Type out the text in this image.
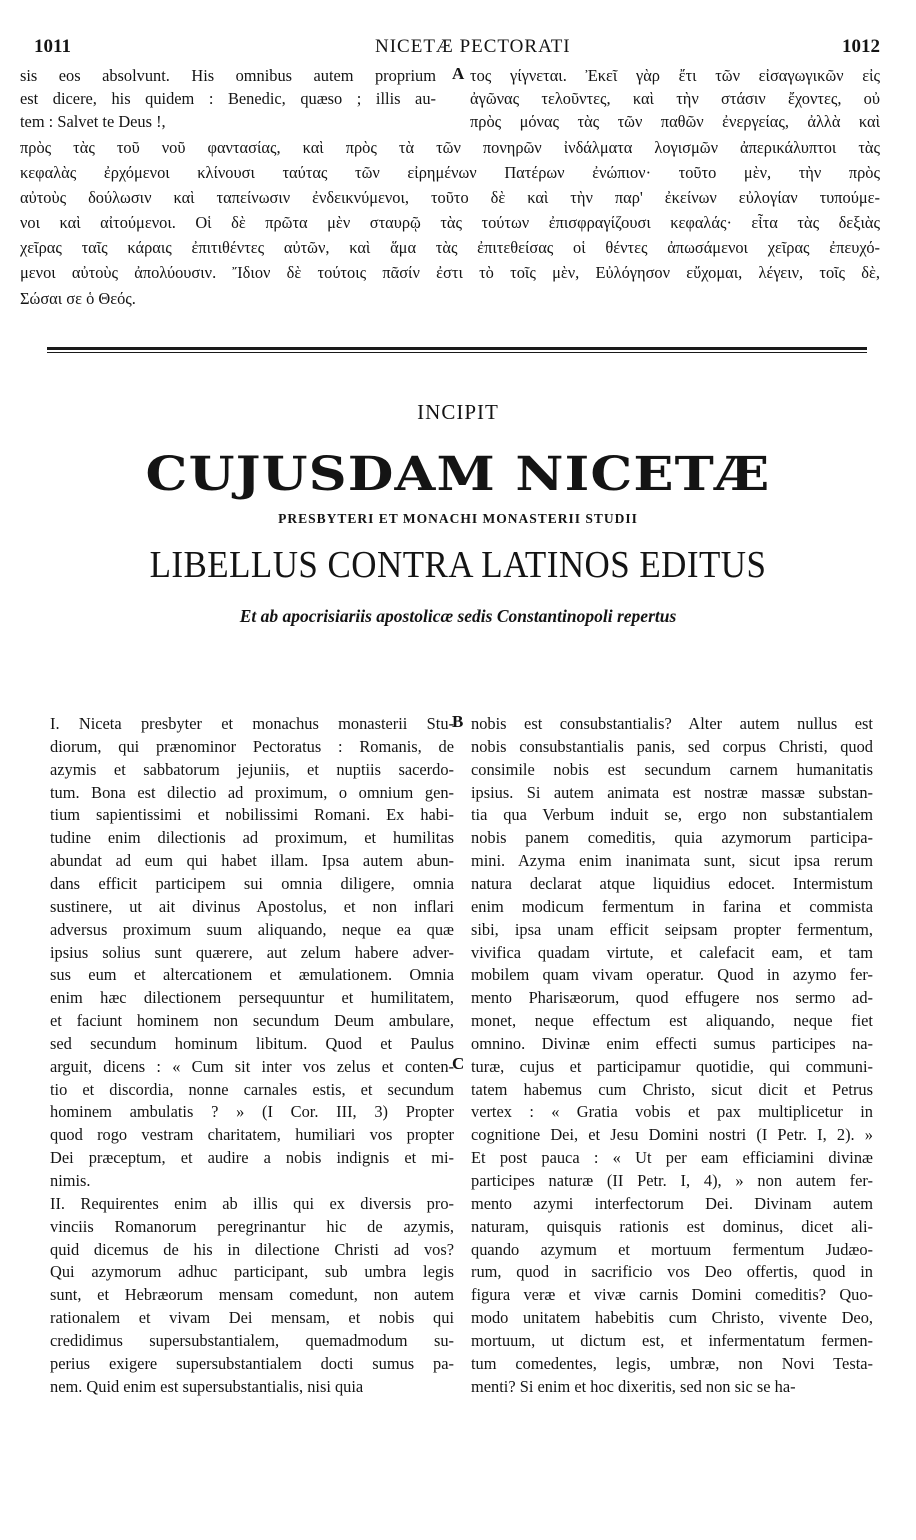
1011	NICETÆ PECTORATI	1012
sis eos absolvunt. His omnibus autem proprium
est dicere, his quidem : Benedic, quæso ; illis au-
tem : Salvet te Deus !,
A τος γίγνεται. Ἐκεῖ γὰρ ἔτι τῶν εἰσαγωγικῶν εἰς
ἀγῶνας τελοῦντες, καὶ τὴν στάσιν ἔχοντες, οὐ
πρὸς μόνας τὰς τῶν παθῶν ἐνεργείας, ἀλλὰ καὶ
πρὸς τὰς τοῦ νοῦ φαντασίας, καὶ πρὸς τὰ τῶν πονηρῶν ἰνδάλματα λογισμῶν ἀπερικάλυπτοι τὰς
κεφαλὰς ἐρχόμενοι κλίνουσι ταύτας τῶν εἰρημένων Πατέρων ἐνώπιον· τοῦτο μὲν, τὴν πρὸς
αὐτοὺς δούλωσιν καὶ ταπείνωσιν ἐνδεικνύμενοι, τοῦτο δὲ καὶ τὴν παρ' ἐκείνων εὐλογίαν τυπούμε-
νοι καὶ αἰτούμενοι. Οἱ δὲ πρῶτα μὲν σταυρῷ τὰς τούτων ἐπισφραγίζουσι κεφαλάς· εἶτα τὰς δεξιὰς
χεῖρας ταῖς κάραις ἐπιτιθέντες αὐτῶν, καὶ ἅμα τὰς ἐπιτεθείσας οἱ θέντες ἀπωσάμενοι χεῖρας ἐπευχό-
μενοι αὐτοὺς ἀπολύουσιν. Ἴδιον δὲ τούτοις πᾶσίν ἐστι τὸ τοῖς μὲν, Εὐλόγησον εὔχομαι, λέγειν, τοῖς δὲ,
Σώσαι σε ὁ Θεός.
INCIPIT
CUJUSDAM NICETÆ
PRESBYTERI ET MONACHI MONASTERII STUDII
LIBELLUS CONTRA LATINOS EDITUS
Et ab apocrisiariis apostolicæ sedis Constantinopoli repertus
I. Niceta presbyter et monachus monasterii Stu-
diorum, qui prænominor Pectoratus : Romanis, de
azymis et sabbatorum jejuniis, et nuptiis sacerdo-
tum. Bona est dilectio ad proximum, o omnium gen-
tium sapientissimi et nobilissimi Romani. Ex habi-
tudine enim dilectionis ad proximum, et humilitas
abundat ad eum qui habet illam. Ipsa autem abun-
dans efficit participem sui omnia diligere, omnia
sustinere, ut ait divinus Apostolus, et non inflari
adversus proximum suum aliquando, neque ea quæ
ipsius solius sunt quærere, aut zelum habere adver-
sus eum et altercationem et æmulationem. Omnia
enim hæc dilectionem persequuntur et humilitatem,
et faciunt hominem non secundum Deum ambulare,
sed secundum hominum libitum. Quod et Paulus
arguit, dicens : « Cum sit inter vos zelus et conten-
tio et discordia, nonne carnales estis, et secundum
hominem ambulatis ? » (I Cor. III, 3) Propter
quod rogo vestram charitatem, humiliari vos propter
Dei præceptum, et audire a nobis indignis et mi-
nimis.
II. Requirentes enim ab illis qui ex diversis pro-
vinciis Romanorum peregrinantur hic de azymis,
quid dicemus de his in dilectione Christi ad vos?
Qui azymorum adhuc participant, sub umbra legis
sunt, et Hebræorum mensam comedunt, non autem
rationalem et vivam Dei mensam, et nobis qui
credidimus supersubstantialem, quemadmodum su-
perius exigere supersubstantialem docti sumus pa-
nem. Quid enim est supersubstantialis, nisi quia
nobis est consubstantialis? Alter autem nullus est
nobis consubstantialis panis, sed corpus Christi, quod
consimile nobis est secundum carnem humanitatis
ipsius. Si autem animata est nostræ massæ substan-
tia qua Verbum induit se, ergo non substantialem
nobis panem comeditis, quia azymorum participa-
mini. Azyma enim inanimata sunt, sicut ipsa rerum
natura declarat atque liquidius edocet. Intermistum
enim modicum fermentum in farina et commista
sibi, ipsa unam efficit seipsam propter fermentum,
vivifica quadam virtute, et calefacit eam, et tam
mobilem quam vivam operatur. Quod in azymo fer-
mento Pharisæorum, quod effugere nos sermo ad-
monet, neque effectum est aliquando, neque fiet
omnino. Divinæ enim effecti sumus participes na-
turæ, cujus et participamur quotidie, qui communi-
tatem habemus cum Christo, sicut dicit et Petrus
vertex : « Gratia vobis et pax multiplicetur in
cognitione Dei, et Jesu Domini nostri (I Petr. I, 2). »
Et post pauca : « Ut per eam efficiamini divinæ
participes naturæ (II Petr. I, 4), » non autem fer-
mento azymi interfectorum Dei. Divinam autem
naturam, quisquis rationis est dominus, dicet ali-
quando azymum et mortuum fermentum Judæo-
rum, quod in sacrificio vos Deo offertis, quod in
figura veræ et vivæ carnis Domini comeditis? Quo-
modo unitatem habebitis cum Christo, vivente Deo,
mortuum, ut dictum est, et infermentatum fermen-
tum comedentes, legis, umbræ, non Novi Testa-
menti? Si enim et hoc dixeritis, sed non sic se ha-
B
C
